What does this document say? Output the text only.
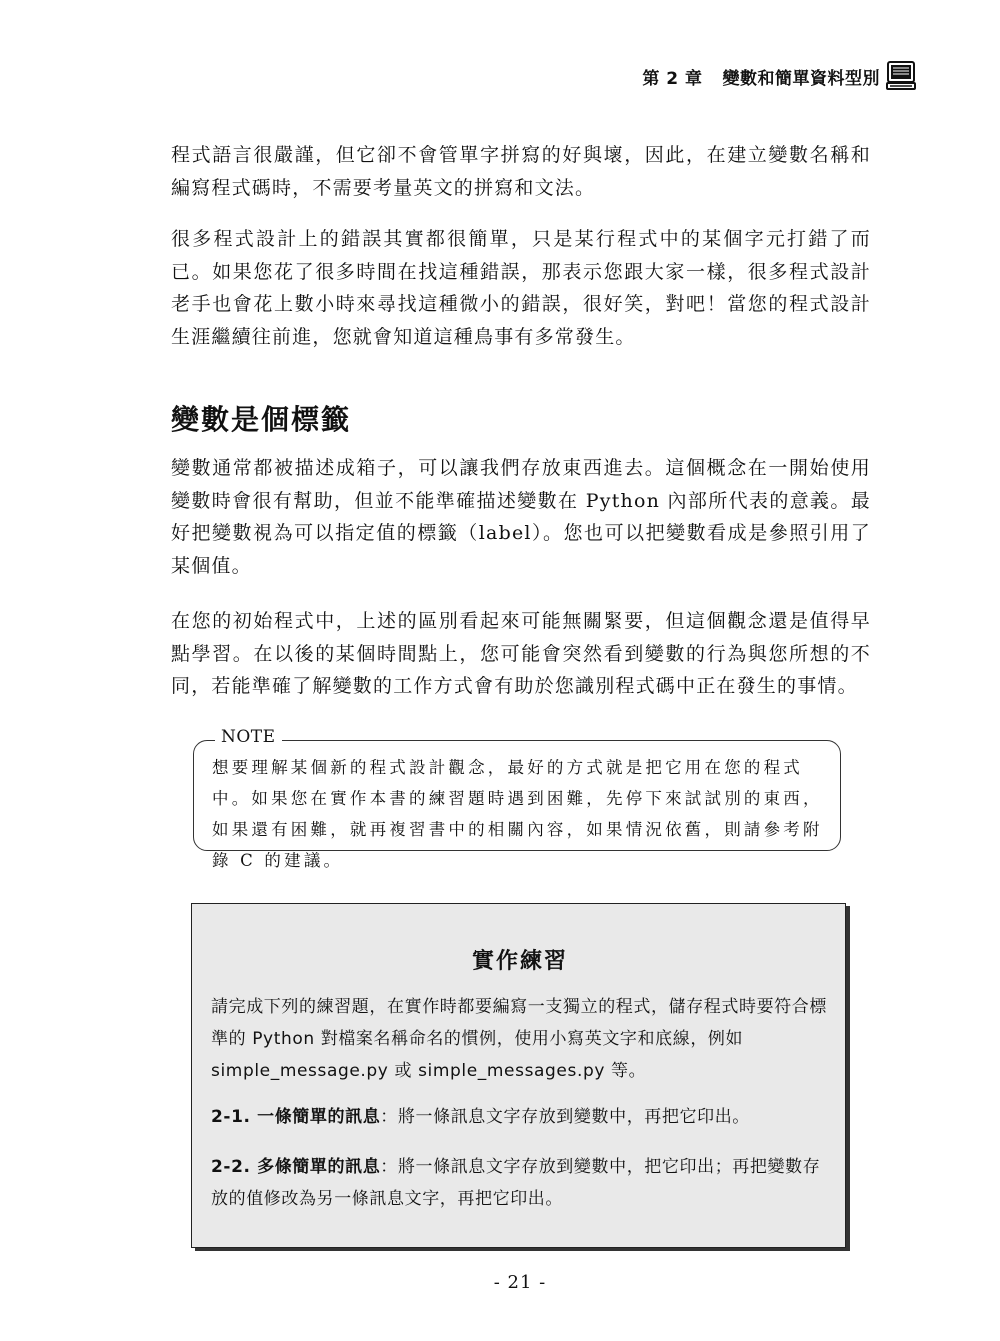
第 2 章 變數和簡單資料型別

程式語言很嚴謹，但它卻不會管單字拼寫的好與壞，因此，在建立變數名稱和編寫程式碼時，不需要考量英文的拼寫和文法。

很多程式設計上的錯誤其實都很簡單，只是某行程式中的某個字元打錯了而已。如果您花了很多時間在找這種錯誤，那表示您跟大家一樣，很多程式設計老手也會花上數小時來尋找這種微小的錯誤，很好笑，對吧！當您的程式設計生涯繼續往前進，您就會知道這種鳥事有多常發生。

變數是個標籤

變數通常都被描述成箱子，可以讓我們存放東西進去。這個概念在一開始使用變數時會很有幫助，但並不能準確描述變數在 Python 內部所代表的意義。最好把變數視為可以指定值的標籤（label）。您也可以把變數看成是參照引用了某個值。

在您的初始程式中，上述的區別看起來可能無關緊要，但這個觀念還是值得早點學習。在以後的某個時間點上，您可能會突然看到變數的行為與您所想的不同，若能準確了解變數的工作方式會有助於您識別程式碼中正在發生的事情。

NOTE

想要理解某個新的程式設計觀念，最好的方式就是把它用在您的程式中。如果您在實作本書的練習題時遇到困難，先停下來試試別的東西，如果還有困難，就再複習書中的相關內容，如果情況依舊，則請參考附錄 C 的建議。

實作練習

請完成下列的練習題，在實作時都要編寫一支獨立的程式，儲存程式時要符合標準的 Python 對檔案名稱命名的慣例，使用小寫英文字和底線，例如 simple_message.py 或 simple_messages.py 等。

2-1. 一條簡單的訊息：將一條訊息文字存放到變數中，再把它印出。

2-2. 多條簡單的訊息：將一條訊息文字存放到變數中，把它印出；再把變數存放的值修改為另一條訊息文字，再把它印出。

- 21 -
